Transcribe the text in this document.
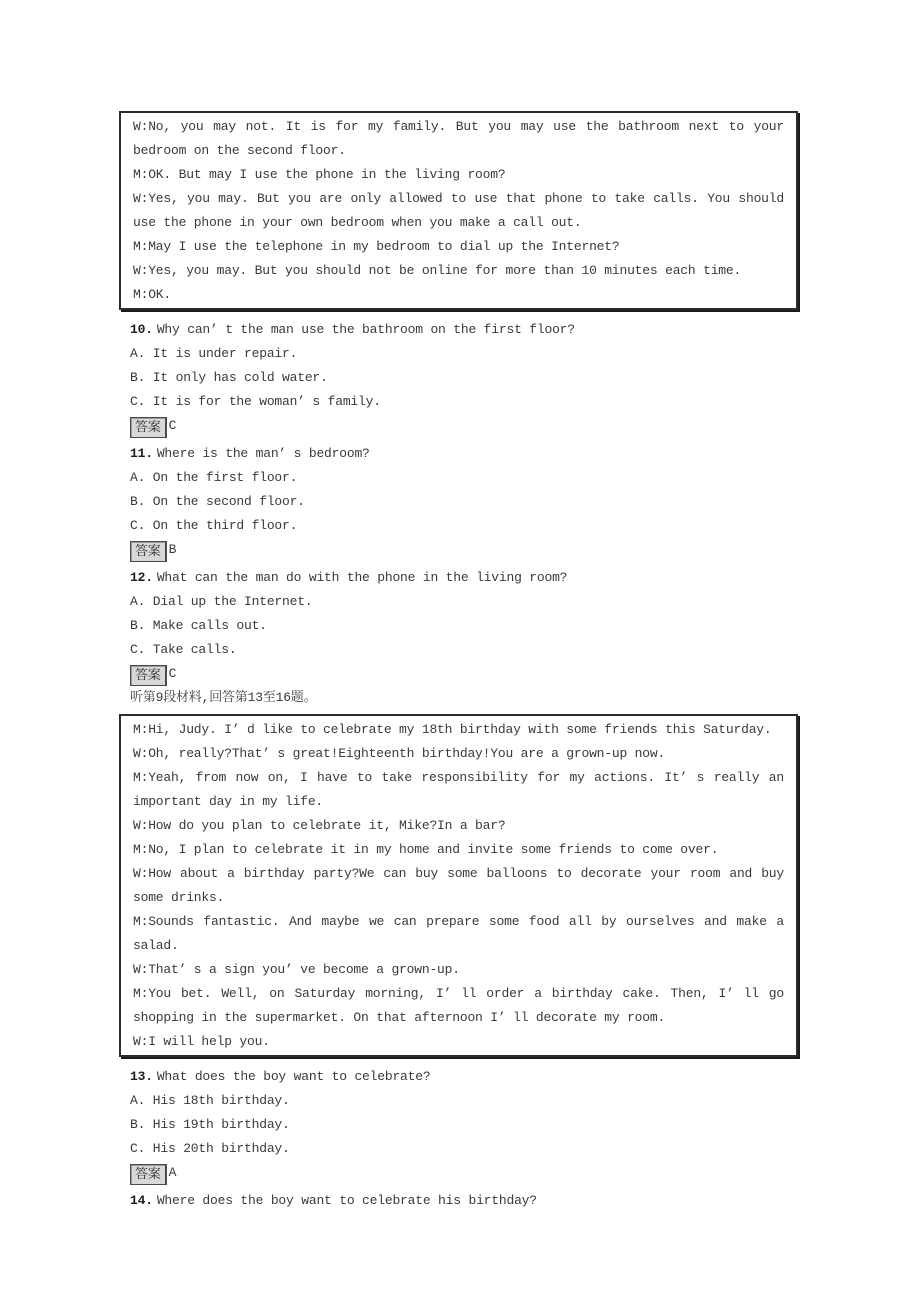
W:No, you may not. It is for my family. But you may use the bathroom next to your bedroom on the second floor.

M:OK. But may I use the phone in the living room?

W:Yes, you may. But you are only allowed to use that phone to take calls. You should use the phone in your own bedroom when you make a call out.

M:May I use the telephone in my bedroom to dial up the Internet?

W:Yes, you may. But you should not be online for more than 10 minutes each time.

M:OK.

10. Why can’ t the man use the bathroom on the first floor?

A. It is under repair.

B. It only has cold water.

C. It is for the woman’ s family.

答案 C

11. Where is the man’ s bedroom?

A. On the first floor.

B. On the second floor.

C. On the third floor.

答案 B

12. What can the man do with the phone in the living room?

A. Dial up the Internet.

B. Make calls out.

C. Take calls.

答案 C

听第9段材料,回答第13至16题。

M:Hi, Judy. I’ d like to celebrate my 18th birthday with some friends this Saturday.

W:Oh, really?That’ s great!Eighteenth birthday!You are a grown-up now.

M:Yeah, from now on, I have to take responsibility for my actions. It’ s really an important day in my life.

W:How do you plan to celebrate it, Mike?In a bar?

M:No, I plan to celebrate it in my home and invite some friends to come over.

W:How about a birthday party?We can buy some balloons to decorate your room and buy some drinks.

M:Sounds fantastic. And maybe we can prepare some food all by ourselves and make a salad.

W:That’ s a sign you’ ve become a grown-up.

M:You bet. Well, on Saturday morning, I’ ll order a birthday cake. Then, I’ ll go shopping in the supermarket. On that afternoon I’ ll decorate my room.

W:I will help you.

13. What does the boy want to celebrate?

A. His 18th birthday.

B. His 19th birthday.

C. His 20th birthday.

答案 A

14. Where does the boy want to celebrate his birthday?
